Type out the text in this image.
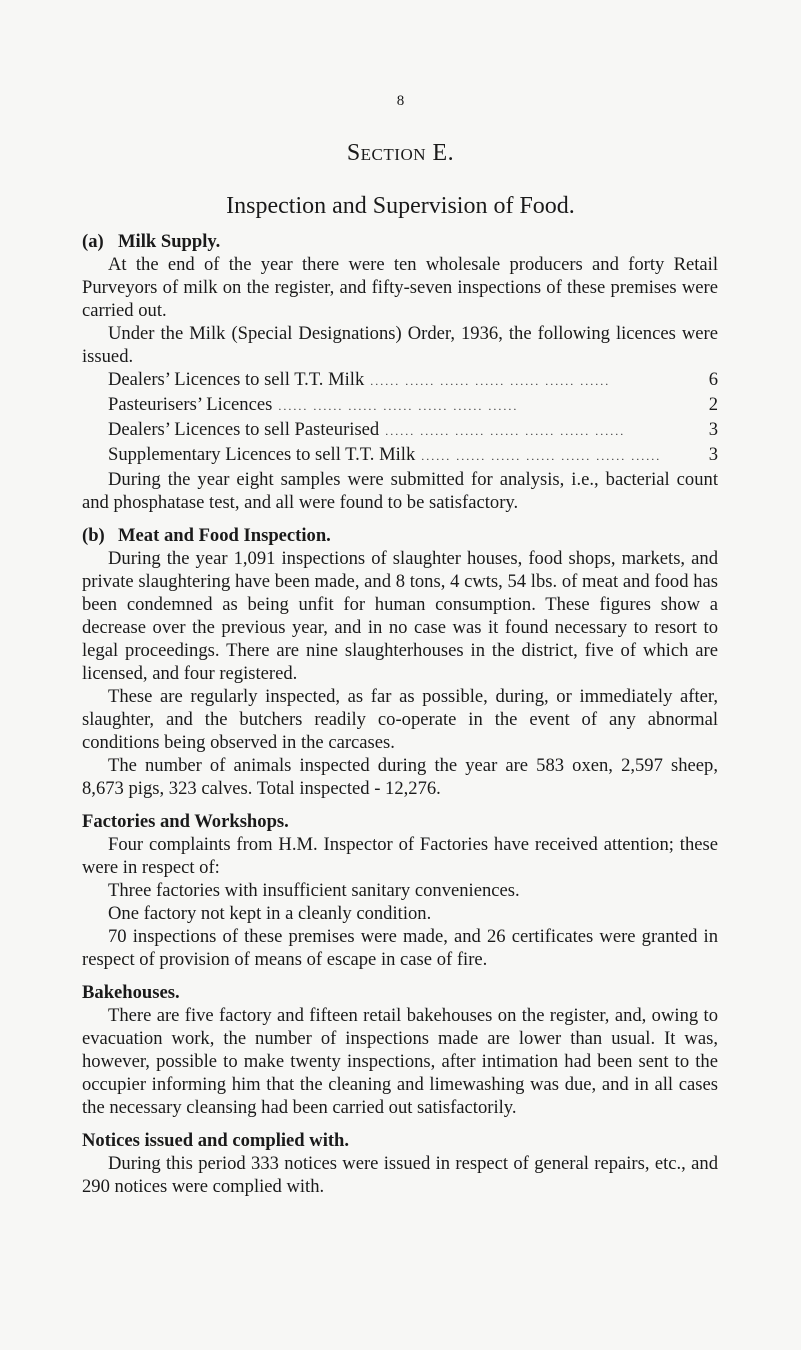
8
Section E.
Inspection and Supervision of Food.
(a) Milk Supply.

At the end of the year there were ten wholesale producers and forty Retail Purveyors of milk on the register, and fifty-seven inspections of these premises were carried out.

Under the Milk (Special Designations) Order, 1936, the following licences were issued.

Dealers’ Licences to sell T.T. Milk ...... ...... ...... ...... ...... ...... ......	6
Pasteurisers’ Licences ...... ...... ...... ...... ...... ...... ......	2
Dealers’ Licences to sell Pasteurised ...... ...... ...... ...... ...... ...... ......	3
Supplementary Licences to sell T.T. Milk ...... ...... ...... ...... ...... ...... ......	3

During the year eight samples were submitted for analysis, i.e., bacterial count and phosphatase test, and all were found to be satisfactory.

(b) Meat and Food Inspection.

During the year 1,091 inspections of slaughter houses, food shops, markets, and private slaughtering have been made, and 8 tons, 4 cwts, 54 lbs. of meat and food has been condemned as being unfit for human consumption. These figures show a decrease over the previous year, and in no case was it found necessary to resort to legal proceedings. There are nine slaughterhouses in the district, five of which are licensed, and four registered.

These are regularly inspected, as far as possible, during, or immediately after, slaughter, and the butchers readily co-operate in the event of any abnormal conditions being observed in the carcases.

The number of animals inspected during the year are 583 oxen, 2,597 sheep, 8,673 pigs, 323 calves. Total inspected - 12,276.

Factories and Workshops.

Four complaints from H.M. Inspector of Factories have received attention; these were in respect of:

Three factories with insufficient sanitary conveniences.
One factory not kept in a cleanly condition.

70 inspections of these premises were made, and 26 certificates were granted in respect of provision of means of escape in case of fire.

Bakehouses.

There are five factory and fifteen retail bakehouses on the register, and, owing to evacuation work, the number of inspections made are lower than usual. It was, however, possible to make twenty inspections, after intimation had been sent to the occupier informing him that the cleaning and limewashing was due, and in all cases the necessary cleansing had been carried out satisfactorily.

Notices issued and complied with.

During this period 333 notices were issued in respect of general repairs, etc., and 290 notices were complied with.
